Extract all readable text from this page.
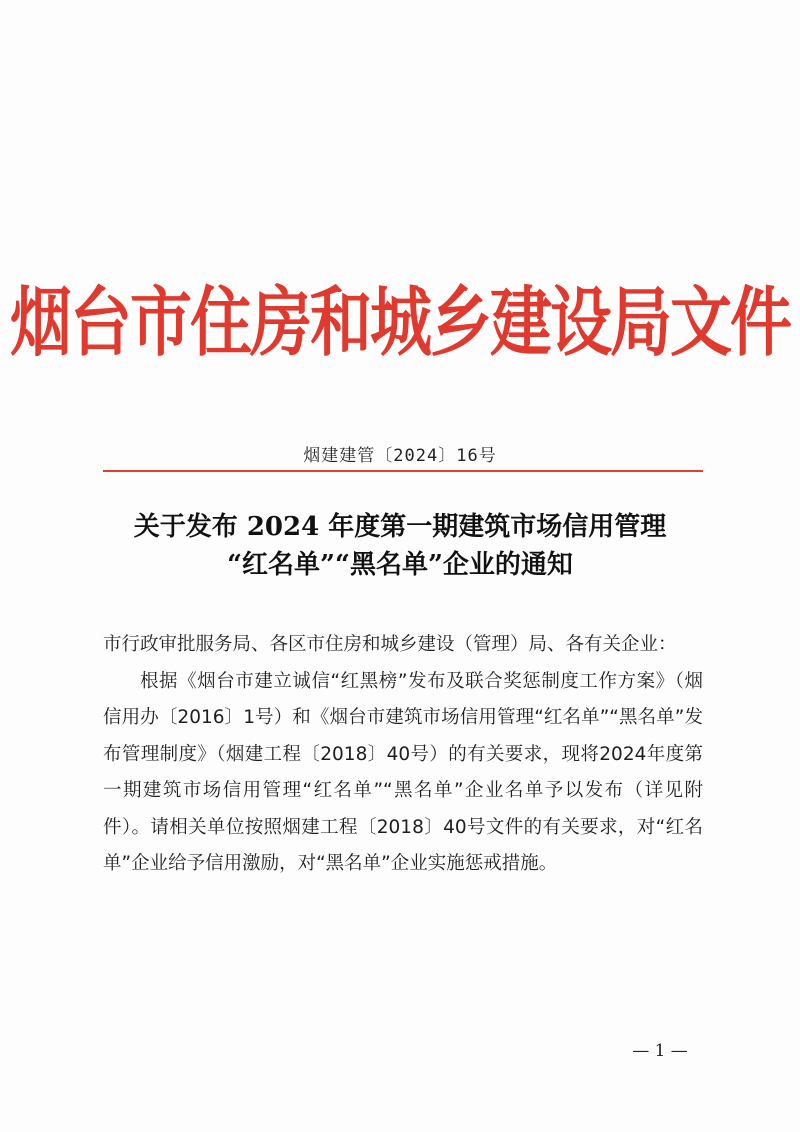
烟台市住房和城乡建设局文件
烟建建管〔2024〕16号
关于发布 2024 年度第一期建筑市场信用管理
“红名单”“黑名单”企业的通知

市行政审批服务局、各区市住房和城乡建设（管理）局、各有关企业：

根据《烟台市建立诚信“红黑榜”发布及联合奖惩制度工作方案》（烟信用办〔2016〕1号）和《烟台市建筑市场信用管理“红名单”“黑名单”发布管理制度》（烟建工程〔2018〕40号）的有关要求，现将2024年度第一期建筑市场信用管理“红名单”“黑名单”企业名单予以发布（详见附件）。请相关单位按照烟建工程〔2018〕40号文件的有关要求，对“红名单”企业给予信用激励，对“黑名单”企业实施惩戒措施。

— 1 —
